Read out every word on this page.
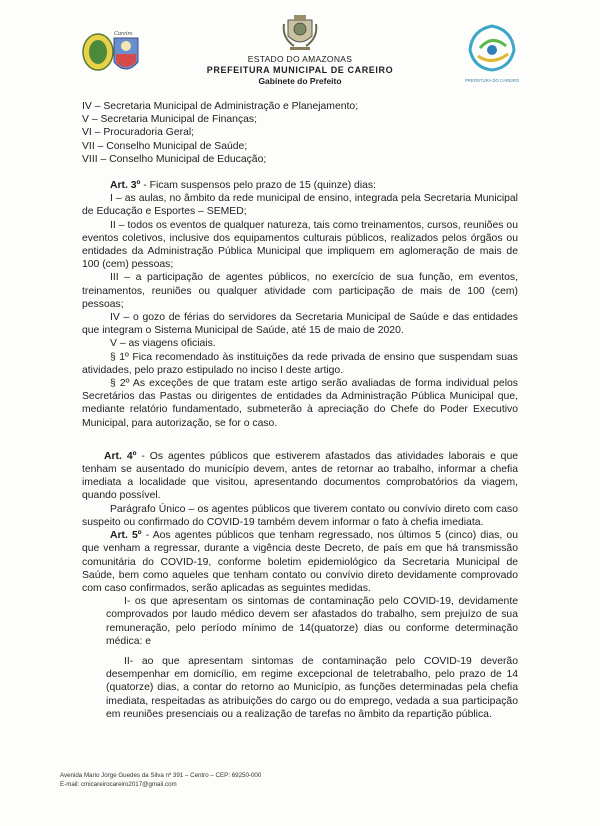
Careiro
PREFEITURA DO CAREIRO
ESTADO DO AMAZONAS
PREFEITURA MUNICIPAL DE CAREIRO
Gabinete do Prefeito

IV – Secretaria Municipal de Administração e Planejamento;

V – Secretaria Municipal de Finanças;

VI – Procuradoria Geral;

VII – Conselho Municipal de Saúde;

VIII – Conselho Municipal de Educação;

Art. 3º - Ficam suspensos pelo prazo de 15 (quinze) dias:

I – as aulas, no âmbito da rede municipal de ensino, integrada pela Secretaria Municipal de Educação e Esportes – SEMED;

II – todos os eventos de qualquer natureza, tais como treinamentos, cursos, reuniões ou eventos coletivos, inclusive dos equipamentos culturais públicos, realizados pelos órgãos ou entidades da Administração Pública Municipal que impliquem em aglomeração de mais de 100 (cem) pessoas;

III – a participação de agentes públicos, no exercício de sua função, em eventos, treinamentos, reuniões ou qualquer atividade com participação de mais de 100 (cem) pessoas;

IV – o gozo de férias do servidores da Secretaria Municipal de Saúde e das entidades que integram o Sistema Municipal de Saúde, até 15 de maio de 2020.

V – as viagens oficiais.

§ 1º Fica recomendado às instituições da rede privada de ensino que suspendam suas atividades, pelo prazo estipulado no inciso I deste artigo.

§ 2º As exceções de que tratam este artigo serão avaliadas de forma individual pelos Secretários das Pastas ou dirigentes de entidades da Administração Pública Municipal que, mediante relatório fundamentado, submeterão à apreciação do Chefe do Poder Executivo Municipal, para autorização, se for o caso.

Art. 4º - Os agentes públicos que estiverem afastados das atividades laborais e que tenham se ausentado do município devem, antes de retornar ao trabalho, informar a chefia imediata a localidade que visitou, apresentando documentos comprobatórios da viagem, quando possível.

Parágrafo Único – os agentes públicos que tiverem contato ou convívio direto com caso suspeito ou confirmado do COVID-19 também devem informar o fato à chefia imediata.

Art. 5º - Aos agentes públicos que tenham regressado, nos últimos 5 (cinco) dias, ou que venham a regressar, durante a vigência deste Decreto, de país em que há transmissão comunitária do COVID-19, conforme boletim epidemiológico da Secretaria Municipal de Saúde, bem como aqueles que tenham contato ou convívio direto devidamente comprovado com caso confirmados, serão aplicadas as seguintes medidas.

I- os que apresentam os sintomas de contaminação pelo COVID-19, devidamente comprovados por laudo médico devem ser afastados do trabalho, sem prejuízo de sua remuneração, pelo período mínimo de 14(quatorze) dias ou conforme determinação médica: e

II- ao que apresentam sintomas de contaminação pelo COVID-19 deverão desempenhar em domicílio, em regime excepcional de teletrabalho, pelo prazo de 14 (quatorze) dias, a contar do retorno ao Município, as funções determinadas pela chefia imediata, respeitadas as atribuições do cargo ou do emprego, vedada a sua participação em reuniões presenciais ou a realização de tarefas no âmbito da repartição pública.

Avenida Mario Jorge Guedes da Silva nº 391 – Centro – CEP: 69250-000
E-mail: cmicareirocareiro2017@gmail.com
